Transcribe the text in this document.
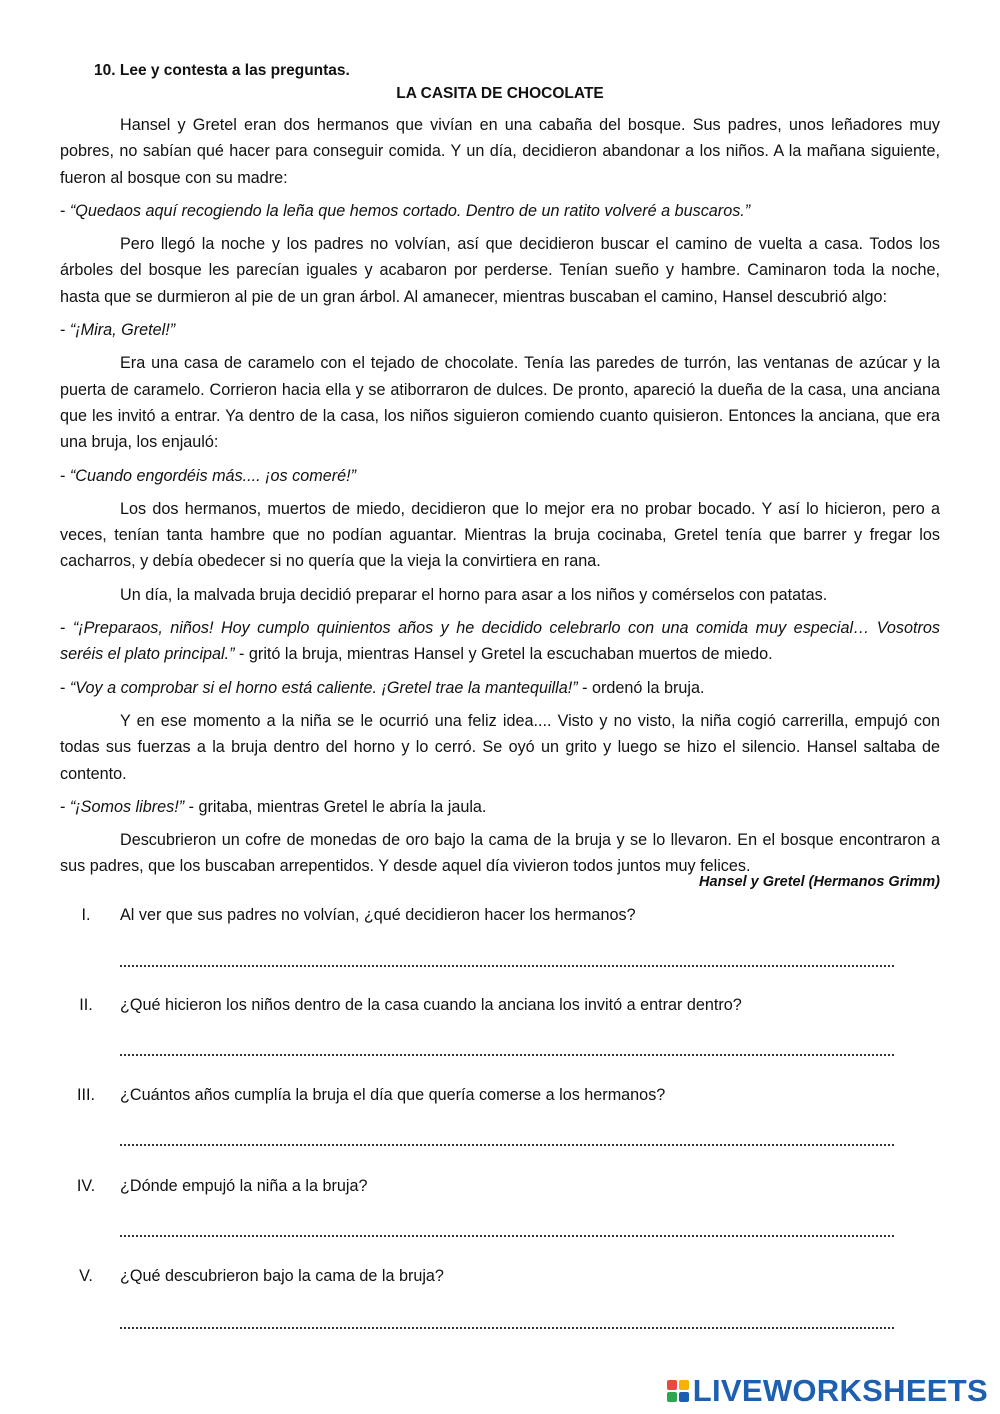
10. Lee y contesta a las preguntas.
LA CASITA DE CHOCOLATE

Hansel y Gretel eran dos hermanos que vivían en una cabaña del bosque. Sus padres, unos leñadores muy pobres, no sabían qué hacer para conseguir comida. Y un día, decidieron abandonar a los niños. A la mañana siguiente, fueron al bosque con su madre:

- “Quedaos aquí recogiendo la leña que hemos cortado. Dentro de un ratito volveré a buscaros.”

Pero llegó la noche y los padres no volvían, así que decidieron buscar el camino de vuelta a casa. Todos los árboles del bosque les parecían iguales y acabaron por perderse. Tenían sueño y hambre. Caminaron toda la noche, hasta que se durmieron al pie de un gran árbol. Al amanecer, mientras buscaban el camino, Hansel descubrió algo:

- “¡Mira, Gretel!”

Era una casa de caramelo con el tejado de chocolate. Tenía las paredes de turrón, las ventanas de azúcar y la puerta de caramelo. Corrieron hacia ella y se atiborraron de dulces. De pronto, apareció la dueña de la casa, una anciana que les invitó a entrar. Ya dentro de la casa, los niños siguieron comiendo cuanto quisieron. Entonces la anciana, que era una bruja, los enjauló:

- “Cuando engordéis más.... ¡os comeré!”

Los dos hermanos, muertos de miedo, decidieron que lo mejor era no probar bocado. Y así lo hicieron, pero a veces, tenían tanta hambre que no podían aguantar. Mientras la bruja cocinaba, Gretel tenía que barrer y fregar los cacharros, y debía obedecer si no quería que la vieja la convirtiera en rana.

Un día, la malvada bruja decidió preparar el horno para asar a los niños y comérselos con patatas.

- “¡Preparaos, niños! Hoy cumplo quinientos años y he decidido celebrarlo con una comida muy especial… Vosotros seréis el plato principal.” - gritó la bruja, mientras Hansel y Gretel la escuchaban muertos de miedo.

- “Voy a comprobar si el horno está caliente. ¡Gretel trae la mantequilla!” - ordenó la bruja.

Y en ese momento a la niña se le ocurrió una feliz idea.... Visto y no visto, la niña cogió carrerilla, empujó con todas sus fuerzas a la bruja dentro del horno y lo cerró. Se oyó un grito y luego se hizo el silencio. Hansel saltaba de contento.

- “¡Somos libres!” - gritaba, mientras Gretel le abría la jaula.

Descubrieron un cofre de monedas de oro bajo la cama de la bruja y se lo llevaron. En el bosque encontraron a sus padres, que los buscaban arrepentidos. Y desde aquel día vivieron todos juntos muy felices.

Hansel y Gretel (Hermanos Grimm)
I.	Al ver que sus padres no volvían, ¿qué decidieron hacer los hermanos?
II.	¿Qué hicieron los niños dentro de la casa cuando la anciana los invitó a entrar dentro?
III.	¿Cuántos años cumplía la bruja el día que quería comerse a los hermanos?
IV.	¿Dónde empujó la niña a la bruja?
V.	¿Qué descubrieron bajo la cama de la bruja?
LIVEWORKSHEETS
